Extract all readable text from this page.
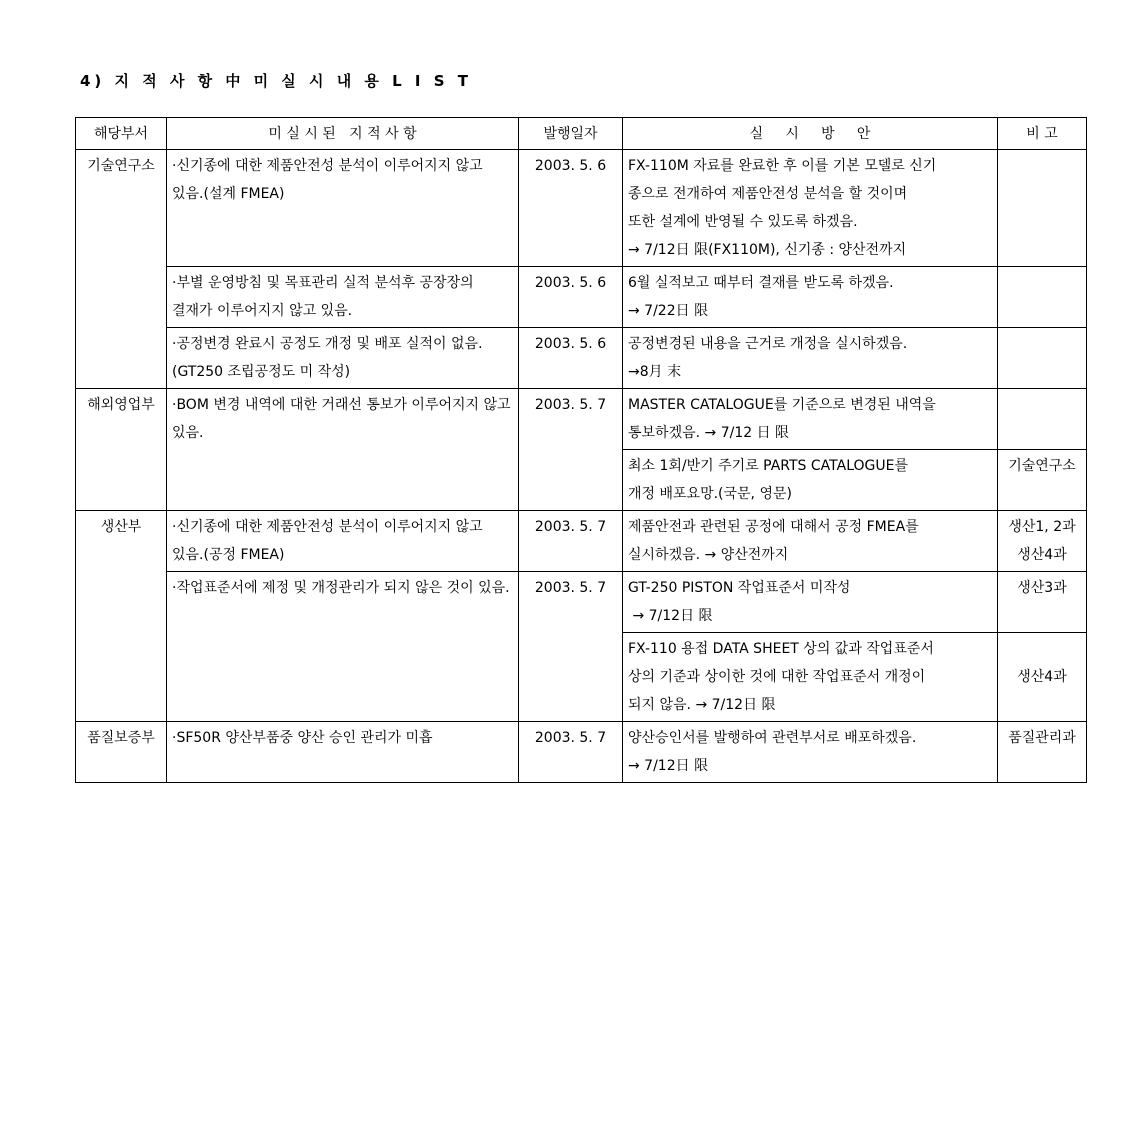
4) 지 적 사 항 中 미 실 시 내 용 L I S T
해당부서	미 실 시 된   지 적 사 항	발행일자	실     시     방     안	비 고
기술연구소	·신기종에 대한 제품안전성 분석이 이루어지지 않고 있음.(설계 FMEA)	2003. 5. 6	FX-110M 자료를 완료한 후 이를 기본 모델로 신기
종으로 전개하여 제품안전성 분석을 할 것이며
또한 설계에 반영될 수 있도록 하겠음.
→ 7/12日 限(FX110M), 신기종 : 양산전까지	

	·부별 운영방침 및 목표관리 실적 분석후 공장장의 결재가 이루어지지 않고 있음.	2003. 5. 6	6월 실적보고 때부터 결재를 받도록 하겠음.
→ 7/22日 限	

	·공정변경 완료시 공정도 개정 및 배포 실적이 없음.(GT250 조립공정도 미 작성)	2003. 5. 6	공정변경된 내용을 근거로 개정을 실시하겠음.
→8月 末	

해외영업부	·BOM 변경 내역에 대한 거래선 통보가 이루어지지 않고 있음.	2003. 5. 7	MASTER CATALOGUE를 기준으로 변경된 내역을
통보하겠음. → 7/12 日 限	

			최소 1회/반기 주기로 PARTS CATALOGUE를
개정 배포요망.(국문, 영문)	기술연구소
생산부	·신기종에 대한 제품안전성 분석이 이루어지지 않고 있음.(공정 FMEA)	2003. 5. 7	제품안전과 관련된 공정에 대해서 공정 FMEA를
실시하겠음. → 양산전까지	생산1, 2과
생산4과

	·작업표준서에 제정 및 개정관리가 되지 않은 것이 있음.	2003. 5. 7	GT-250 PISTON 작업표준서 미작성
→ 7/12日 限	생산3과

			FX-110 용접 DATA SHEET 상의 값과 작업표준서
상의 기준과 상이한 것에 대한 작업표준서 개정이
되지 않음. → 7/12日 限	생산4과
품질보증부	·SF50R 양산부품중 양산 승인 관리가 미흡	2003. 5. 7	양산승인서를 발행하여 관련부서로 배포하겠음.
→ 7/12日 限	품질관리과
